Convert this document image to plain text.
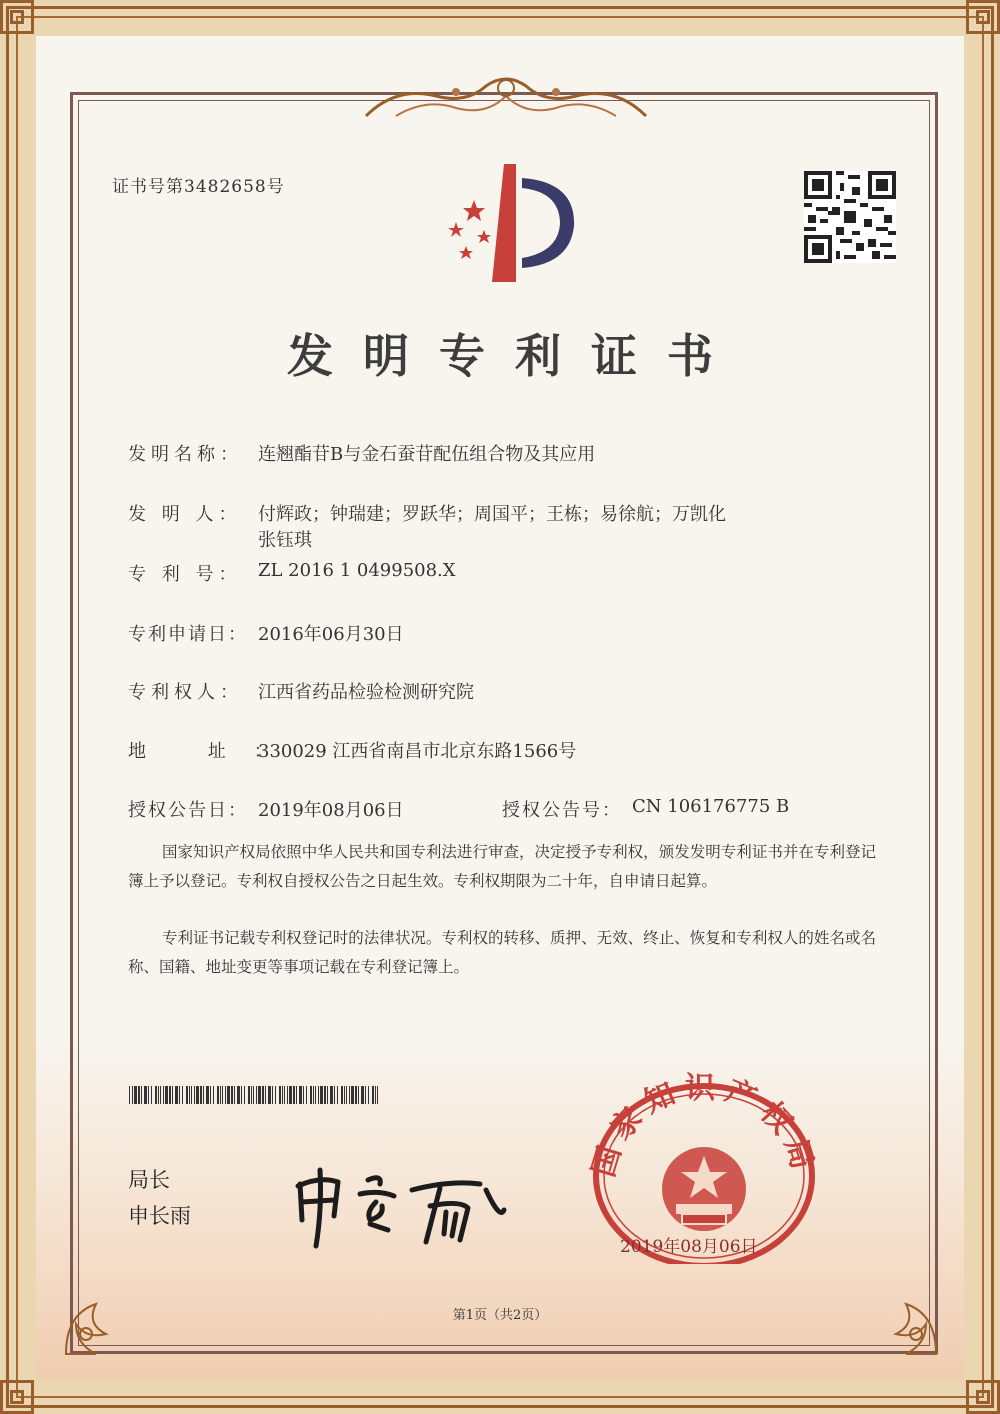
证书号第3482658号
发明专利证书
发明名称： 连翘酯苷B与金石蚕苷配伍组合物及其应用
发 明 人： 付辉政；钟瑞建；罗跃华；周国平；王栋；易徐航；万凯化
张钰琪
专 利 号： ZL 2016 1 0499508.X
专利申请日： 2016年06月30日
专利权人： 江西省药品检验检测研究院
地 址：
330029 江西省南昌市北京东路1566号
授权公告日： 2019年08月06日	授权公告号： CN 106176775 B
国家知识产权局依照中华人民共和国专利法进行审查，决定授予专利权，颁发发明专利证书并在专利登记簿上予以登记。专利权自授权公告之日起生效。专利权期限为二十年，自申请日起算。
专利证书记载专利权登记时的法律状况。专利权的转移、质押、无效、终止、恢复和专利权人的姓名或名称、国籍、地址变更等事项记载在专利登记簿上。
局长
申长雨
国家知识产权局
2019年08月06日
第1页（共2页）
